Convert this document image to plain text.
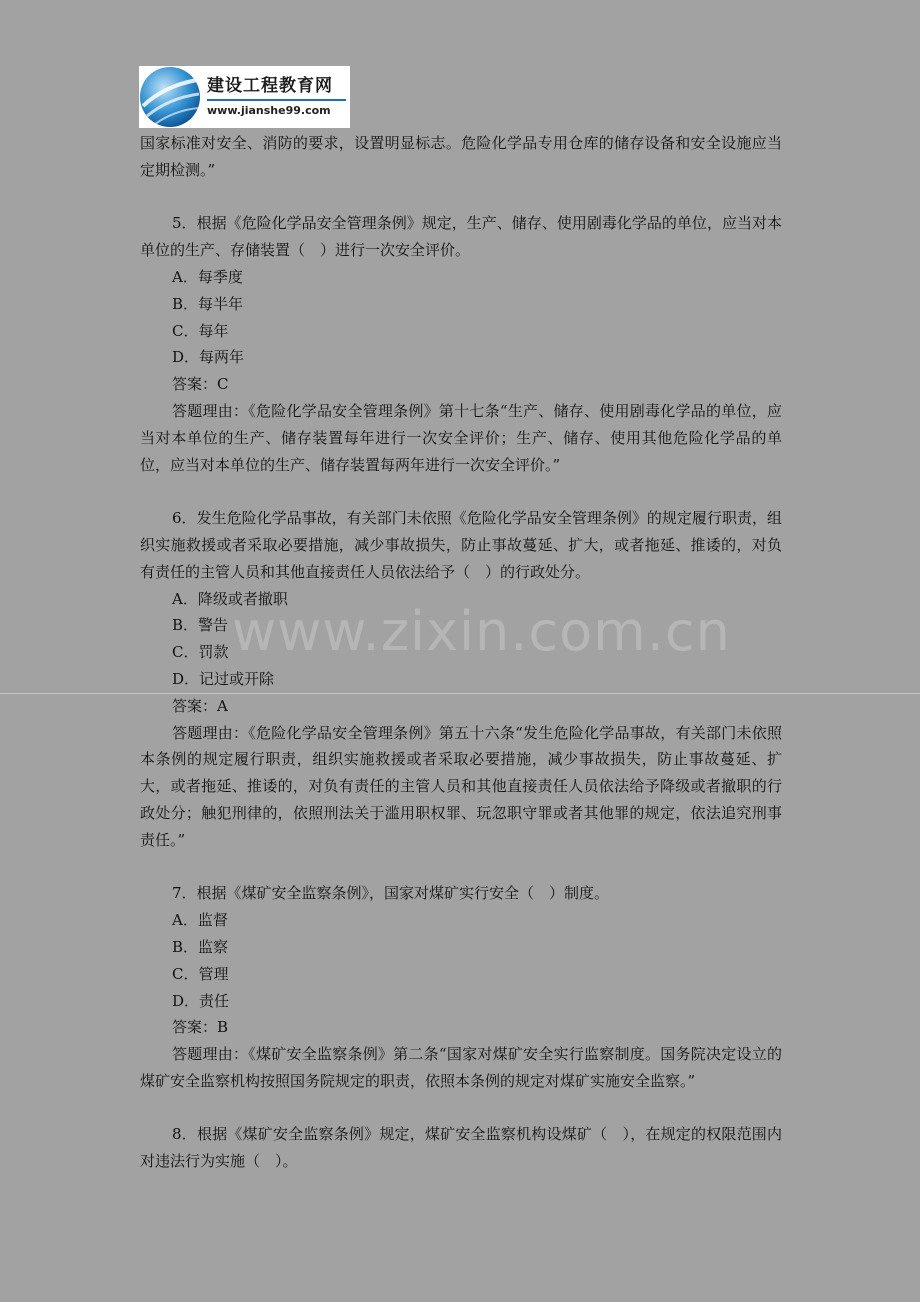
建设工程教育网
www.jianshe99.com
www.zixin.com.cn

国家标准对安全、消防的要求，设置明显标志。危险化学品专用仓库的储存设备和安全设施应当定期检测。”

5．根据《危险化学品安全管理条例》规定，生产、储存、使用剧毒化学品的单位，应当对本单位的生产、存储装置（　）进行一次安全评价。

A．每季度

B．每半年

C．每年

D．每两年

答案：C

答题理由：《危险化学品安全管理条例》第十七条“生产、储存、使用剧毒化学品的单位，应当对本单位的生产、储存装置每年进行一次安全评价；生产、储存、使用其他危险化学品的单位，应当对本单位的生产、储存装置每两年进行一次安全评价。”

6．发生危险化学品事故，有关部门未依照《危险化学品安全管理条例》的规定履行职责，组织实施救援或者采取必要措施，减少事故损失，防止事故蔓延、扩大，或者拖延、推诿的，对负有责任的主管人员和其他直接责任人员依法给予（　）的行政处分。

A．降级或者撤职

B．警告

C．罚款

D．记过或开除

答案：A

答题理由：《危险化学品安全管理条例》第五十六条“发生危险化学品事故，有关部门未依照本条例的规定履行职责，组织实施救援或者采取必要措施，减少事故损失，防止事故蔓延、扩大，或者拖延、推诿的，对负有责任的主管人员和其他直接责任人员依法给予降级或者撤职的行政处分；触犯刑律的，依照刑法关于滥用职权罪、玩忽职守罪或者其他罪的规定，依法追究刑事责任。”

7．根据《煤矿安全监察条例》，国家对煤矿实行安全（　）制度。

A．监督

B．监察

C．管理

D．责任

答案：B

答题理由：《煤矿安全监察条例》第二条“国家对煤矿安全实行监察制度。国务院决定设立的煤矿安全监察机构按照国务院规定的职责，依照本条例的规定对煤矿实施安全监察。”

8．根据《煤矿安全监察条例》规定，煤矿安全监察机构设煤矿（　），在规定的权限范围内对违法行为实施（　）。
